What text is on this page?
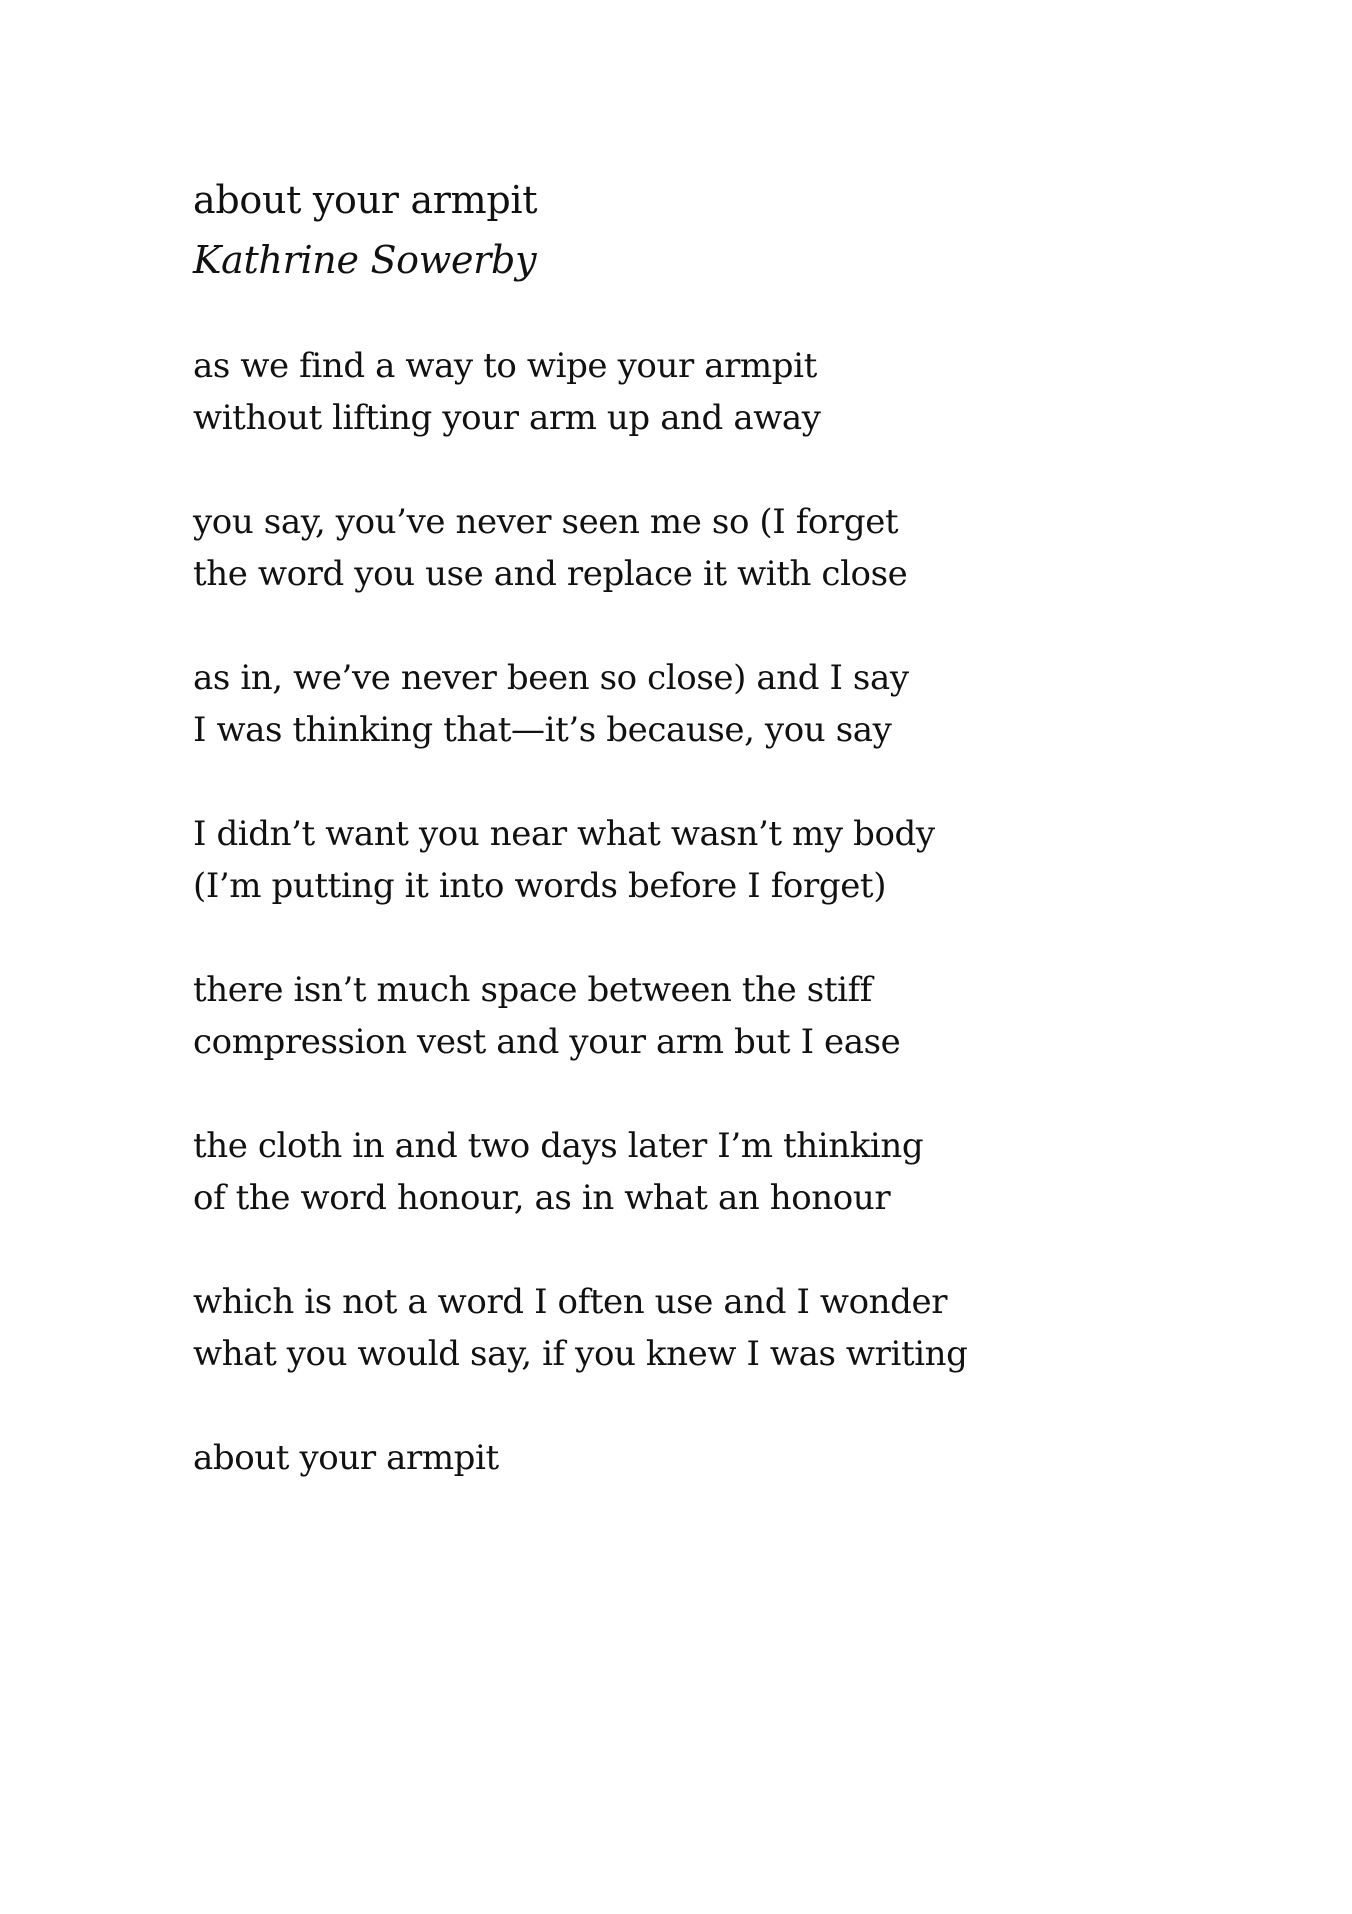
about your armpit
Kathrine Sowerby
as we find a way to wipe your armpit
without lifting your arm up and away
you say, you’ve never seen me so (I forget
the word you use and replace it with close
as in, we’ve never been so close) and I say
I was thinking that—it’s because, you say
I didn’t want you near what wasn’t my body
(I’m putting it into words before I forget)
there isn’t much space between the stiff
compression vest and your arm but I ease
the cloth in and two days later I’m thinking
of the word honour, as in what an honour
which is not a word I often use and I wonder
what you would say, if you knew I was writing
about your armpit
